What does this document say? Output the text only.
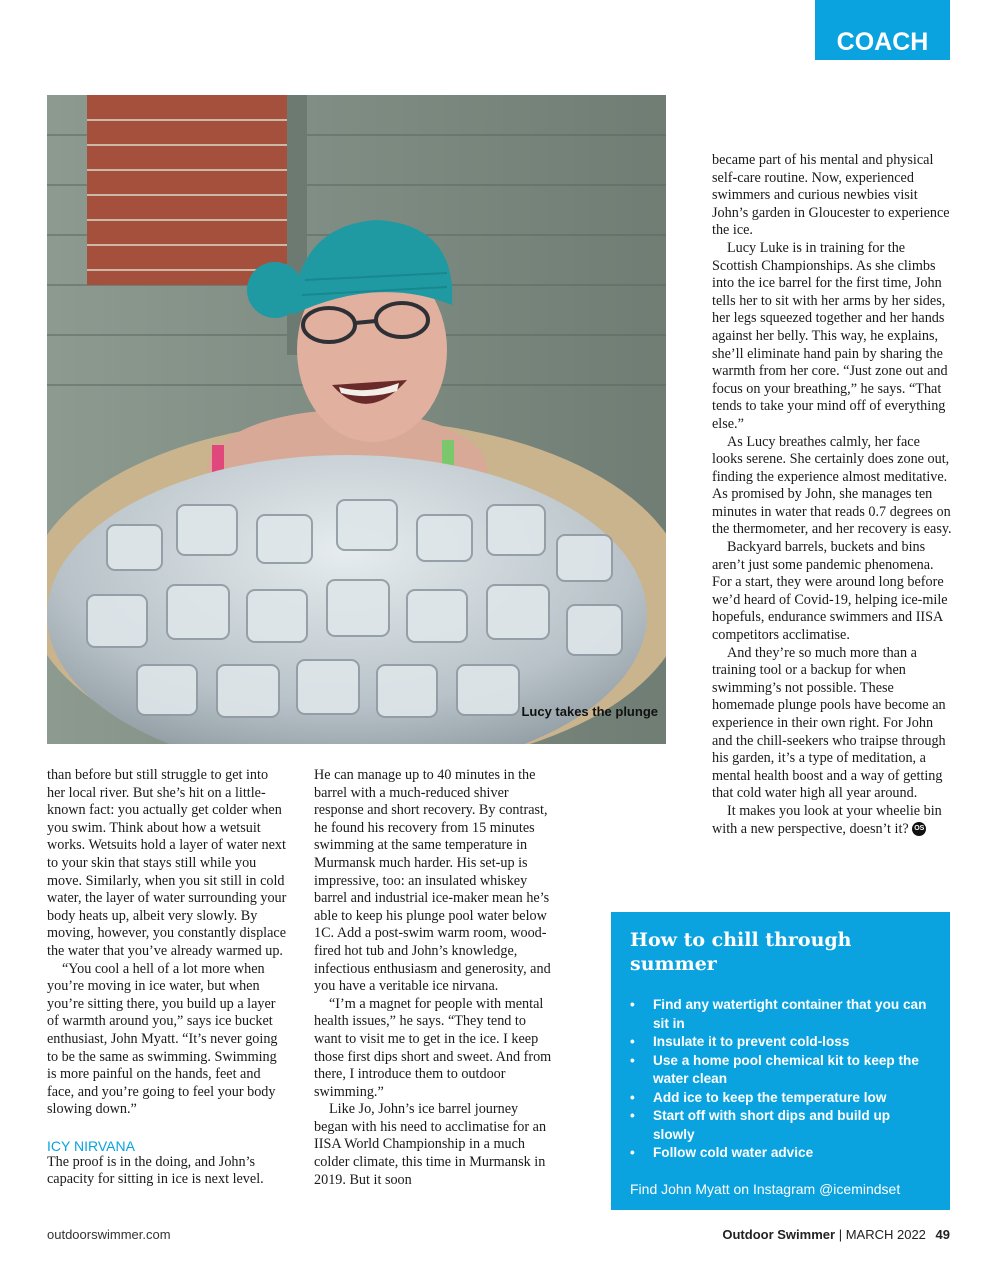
COACH
Lucy takes the plunge

than before but still struggle to get into her local river. But she’s hit on a little-known fact: you actually get colder when you swim. Think about how a wetsuit works. Wetsuits hold a layer of water next to your skin that stays still while you move. Similarly, when you sit still in cold water, the layer of water surrounding your body heats up, albeit very slowly. By moving, however, you constantly displace the water that you’ve already warmed up.

“You cool a hell of a lot more when you’re moving in ice water, but when you’re sitting there, you build up a layer of warmth around you,” says ice bucket enthusiast, John Myatt. “It’s never going to be the same as swimming. Swimming is more painful on the hands, feet and face, and you’re going to feel your body slowing down.”

ICY NIRVANA

The proof is in the doing, and John’s capacity for sitting in ice is next level.

He can manage up to 40 minutes in the barrel with a much-reduced shiver response and short recovery. By contrast, he found his recovery from 15 minutes swimming at the same temperature in Murmansk much harder. His set-up is impressive, too: an insulated whiskey barrel and industrial ice-maker mean he’s able to keep his plunge pool water below 1C. Add a post-swim warm room, wood-fired hot tub and John’s knowledge, infectious enthusiasm and generosity, and you have a veritable ice nirvana.

“I’m a magnet for people with mental health issues,” he says. “They tend to want to visit me to get in the ice. I keep those first dips short and sweet. And from there, I introduce them to outdoor swimming.”

Like Jo, John’s ice barrel journey began with his need to acclimatise for an IISA World Championship in a much colder climate, this time in Murmansk in 2019. But it soon

became part of his mental and physical self-care routine. Now, experienced swimmers and curious newbies visit John’s garden in Gloucester to experience the ice.

Lucy Luke is in training for the Scottish Championships. As she climbs into the ice barrel for the first time, John tells her to sit with her arms by her sides, her legs squeezed together and her hands against her belly. This way, he explains, she’ll eliminate hand pain by sharing the warmth from her core. “Just zone out and focus on your breathing,” he says. “That tends to take your mind off of everything else.”

As Lucy breathes calmly, her face looks serene. She certainly does zone out, finding the experience almost meditative. As promised by John, she manages ten minutes in water that reads 0.7 degrees on the thermometer, and her recovery is easy.

Backyard barrels, buckets and bins aren’t just some pandemic phenomena. For a start, they were around long before we’d heard of Covid-19, helping ice-mile hopefuls, endurance swimmers and IISA competitors acclimatise.

And they’re so much more than a training tool or a backup for when swimming’s not possible. These homemade plunge pools have become an experience in their own right. For John and the chill-seekers who traipse through his garden, it’s a type of meditation, a mental health boost and a way of getting that cold water high all year around.

It makes you look at your wheelie bin with a new perspective, doesn’t it? OS

How to chill through summer
• Find any watertight container that you can sit in
• Insulate it to prevent cold-loss
• Use a home pool chemical kit to keep the water clean
• Add ice to keep the temperature low
• Start off with short dips and build up slowly
• Follow cold water advice
Find John Myatt on Instagram @icemindset
outdoorswimmer.com	Outdoor Swimmer | MARCH 2022 49
